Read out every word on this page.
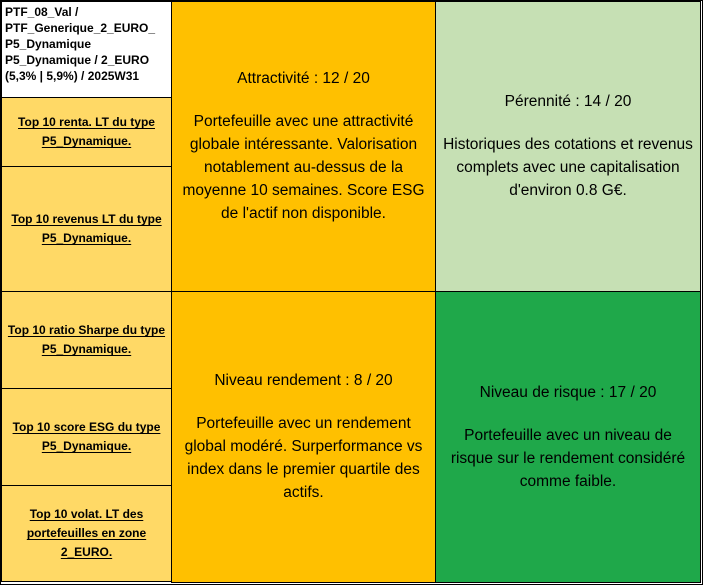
PTF_08_Val /
PTF_Generique_2_EURO_
P5_Dynamique
P5_Dynamique / 2_EURO
(5,3% | 5,9%) / 2025W31
Top 10 renta. LT du type P5_Dynamique.
Top 10 revenus LT du type P5_Dynamique.
Top 10 ratio Sharpe du type P5_Dynamique.
Top 10 score ESG du type P5_Dynamique.
Top 10 volat. LT des portefeuilles en zone 2_EURO.
Attractivité : 12 / 20
Portefeuille avec une attractivité globale intéressante. Valorisation notablement au-dessus de la moyenne 10 semaines. Score ESG de l'actif non disponible.
Pérennité : 14 / 20
Historiques des cotations et revenus complets avec une capitalisation d'environ 0.8 G€.
Niveau rendement : 8 / 20
Portefeuille avec un rendement global modéré. Surperformance vs index dans le premier quartile des actifs.
Niveau de risque : 17 / 20
Portefeuille avec un niveau de risque sur le rendement considéré comme faible.
